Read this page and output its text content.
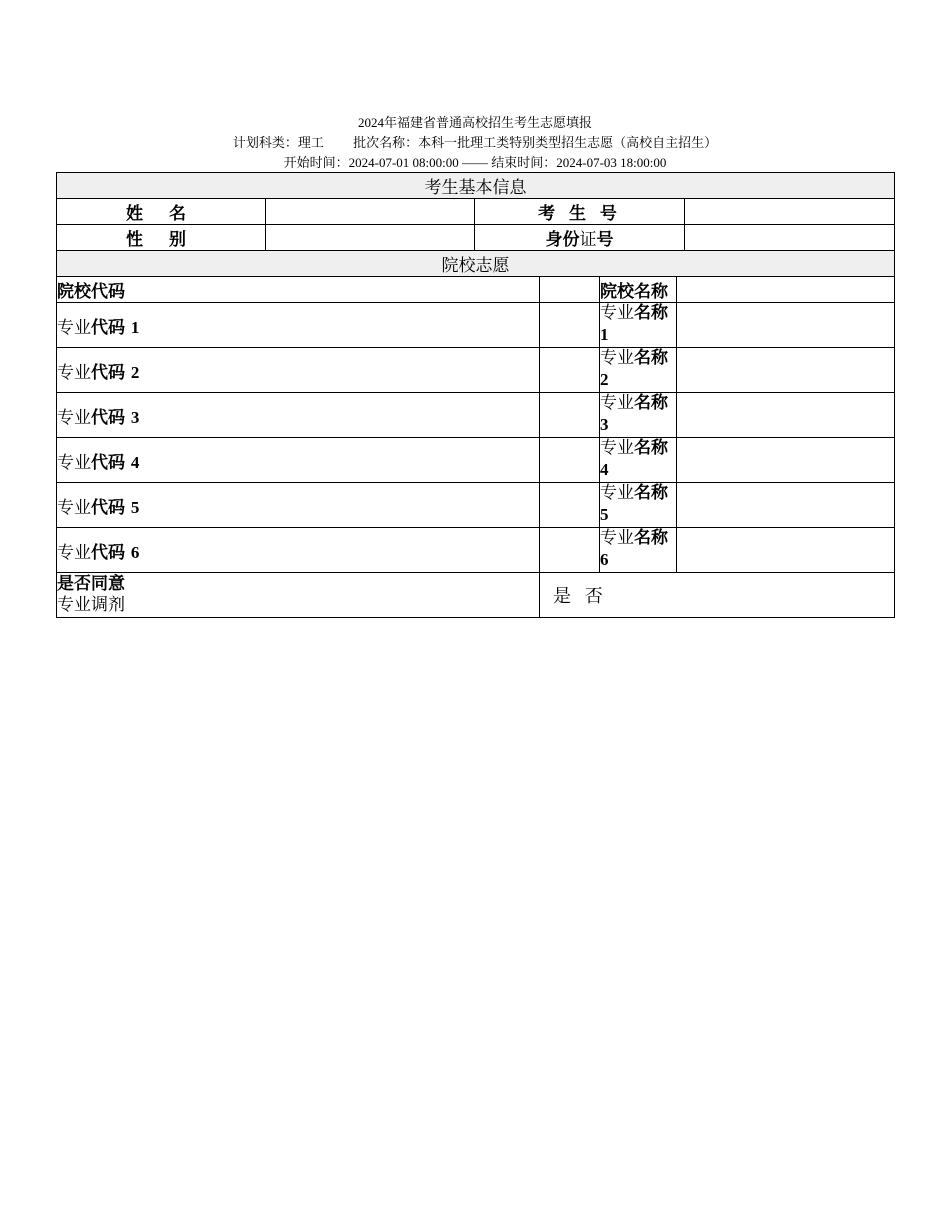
2024年福建省普通高校招生考生志愿填报
计划科类：理工 批次名称：本科一批理工类特别类型招生志愿（高校自主招生）
开始时间：2024-07-01 08:00:00 —— 结束时间：2024-07-03 18:00:00
考生基本信息			
姓 名		考 生 号	
性 别		身份证号	
院校志愿			
院校代码		院校名称	
专业代码 1		专业名称
1	
专业代码 2		专业名称
2	
专业代码 3		专业名称
3	
专业代码 4		专业名称
4	
专业代码 5		专业名称
5	
专业代码 6		专业名称
6	
是否同意
专业调剂	是 否		
